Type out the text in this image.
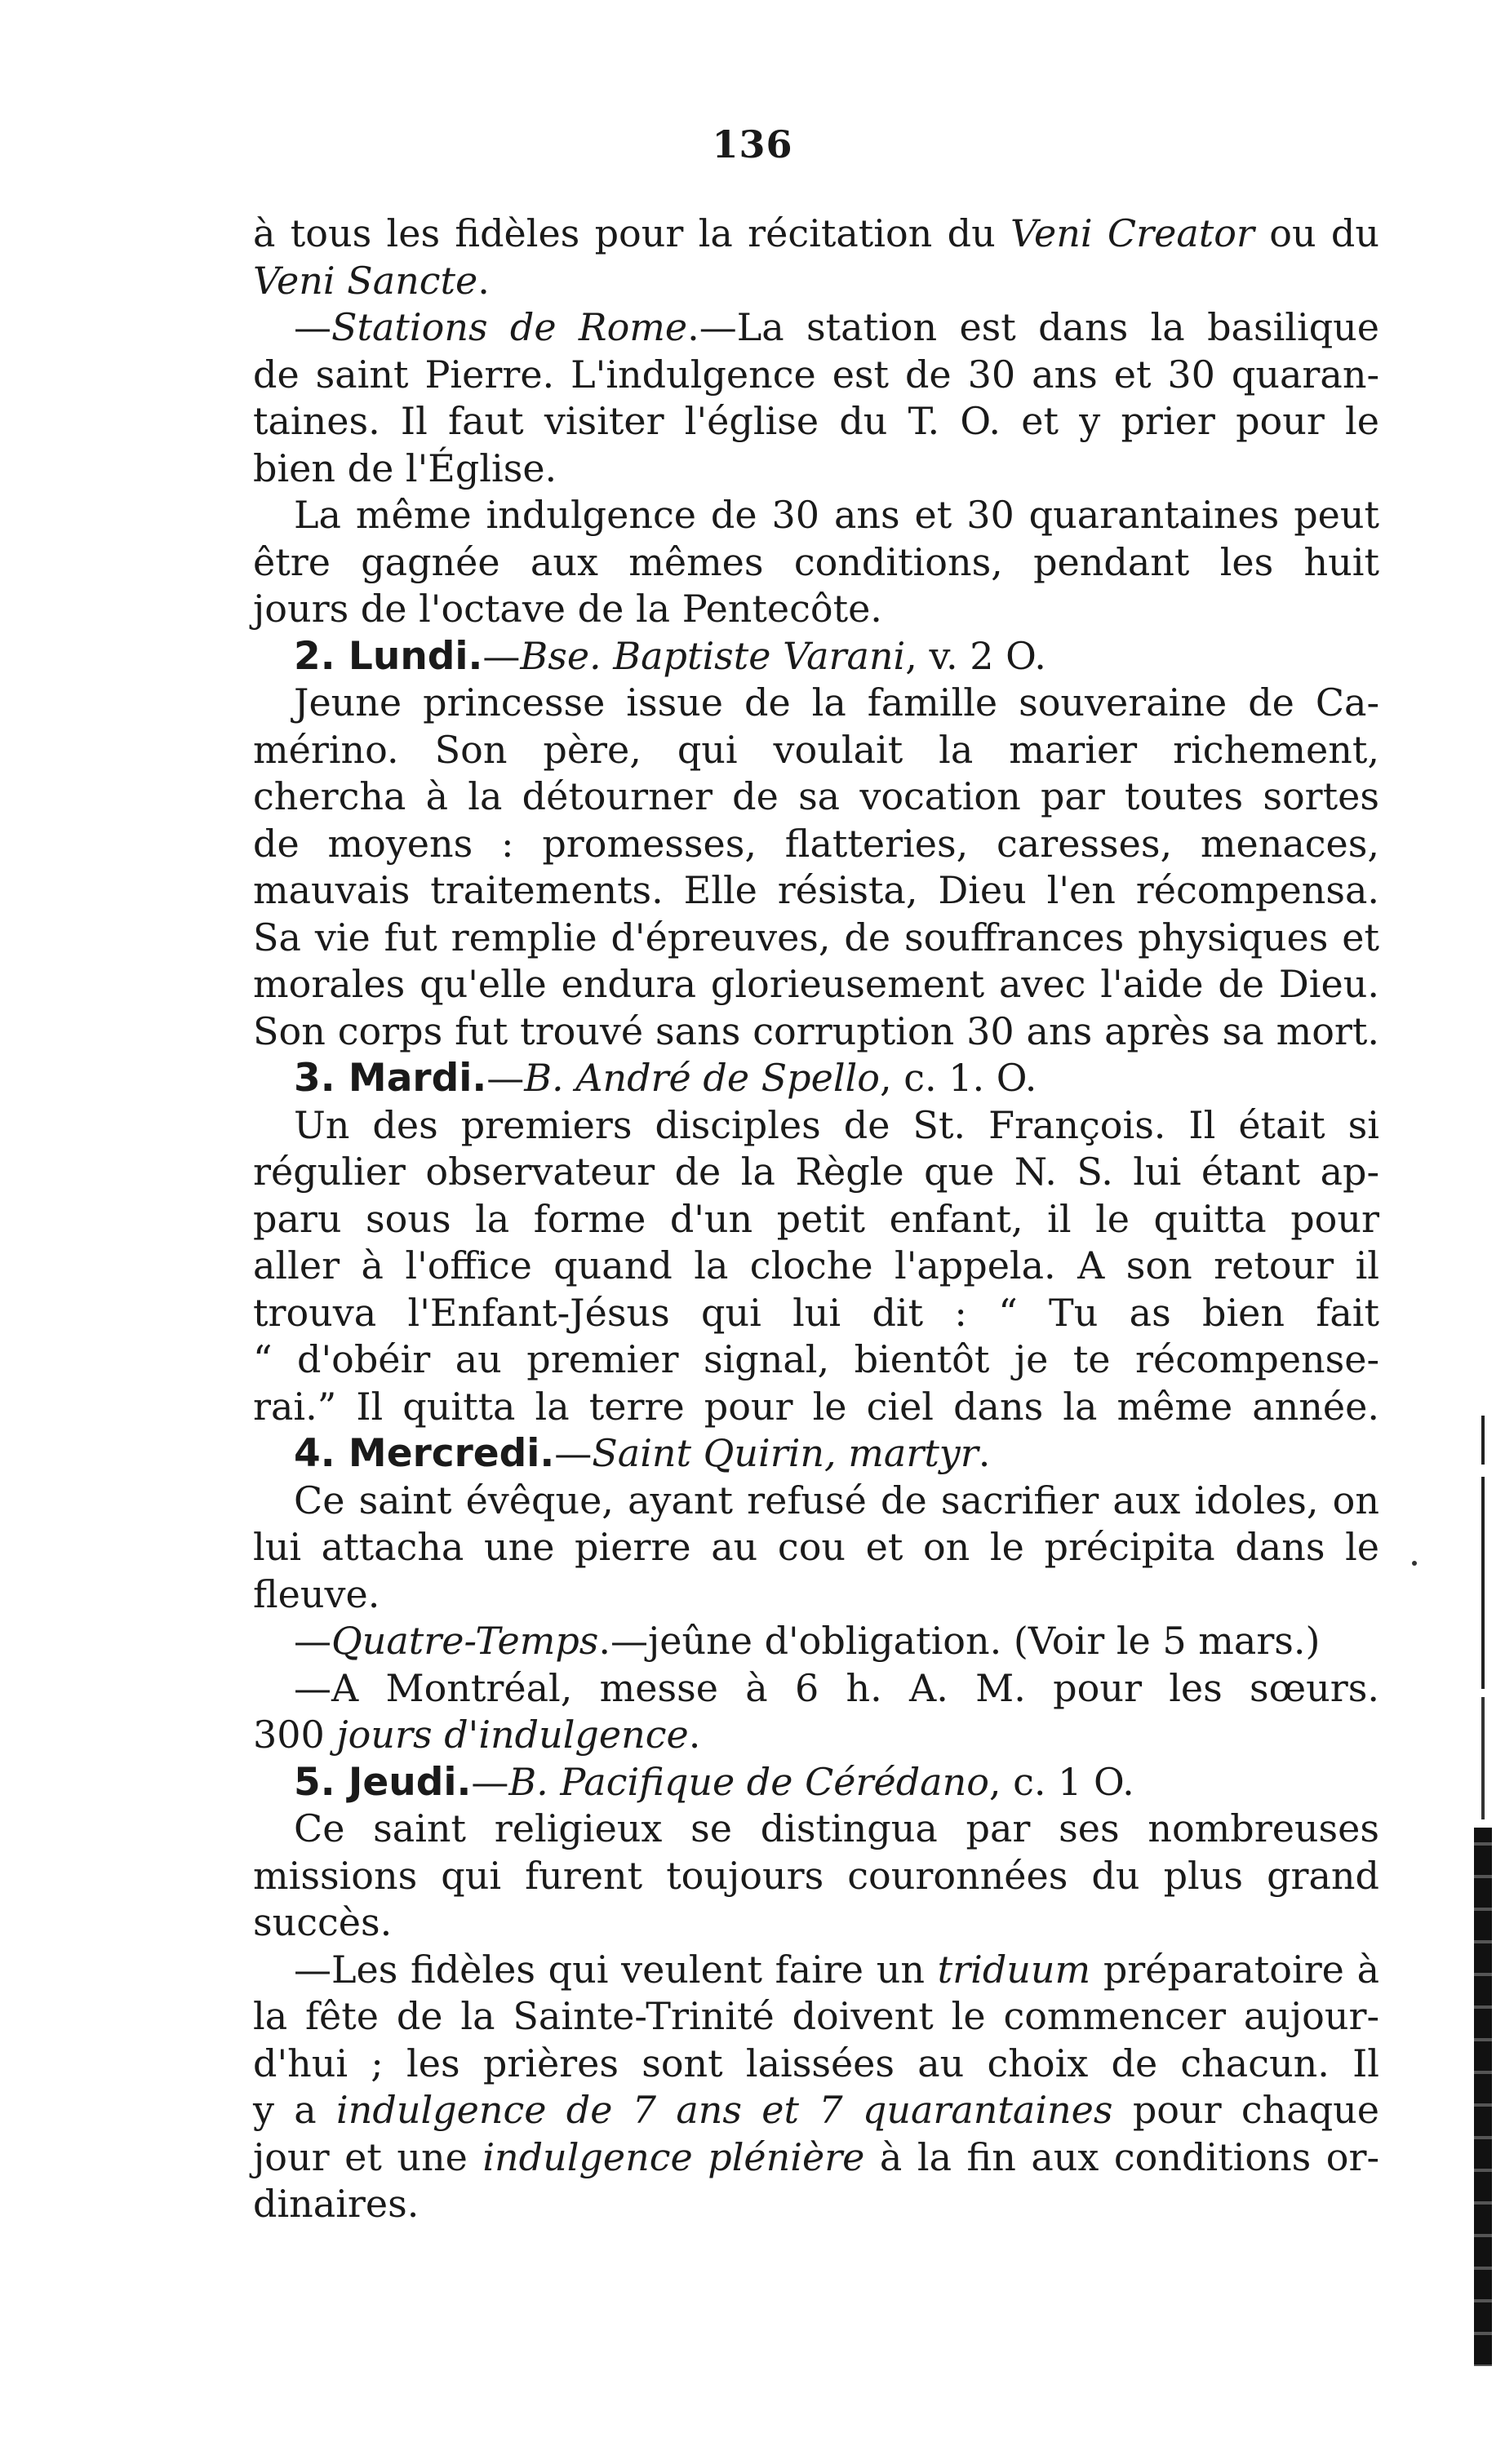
136
à tous les fidèles pour la récitation du Veni Creator ou du
Veni Sancte.
—Stations de Rome.—La station est dans la basilique
de saint Pierre. L'indulgence est de 30 ans et 30 quaran-
taines. Il faut visiter l'église du T. O. et y prier pour le
bien de l'Église.
La même indulgence de 30 ans et 30 quarantaines peut
être gagnée aux mêmes conditions, pendant les huit
jours de l'octave de la Pentecôte.
2. Lundi.—Bse. Baptiste Varani, v. 2 O.
Jeune princesse issue de la famille souveraine de Ca-
mérino. Son père, qui voulait la marier richement,
chercha à la détourner de sa vocation par toutes sortes
de moyens : promesses, flatteries, caresses, menaces,
mauvais traitements. Elle résista, Dieu l'en récompensa.
Sa vie fut remplie d'épreuves, de souffrances physiques et
morales qu'elle endura glorieusement avec l'aide de Dieu.
Son corps fut trouvé sans corruption 30 ans après sa mort.
3. Mardi.—B. André de Spello, c. 1. O.
Un des premiers disciples de St. François. Il était si
régulier observateur de la Règle que N. S. lui étant ap-
paru sous la forme d'un petit enfant, il le quitta pour
aller à l'office quand la cloche l'appela. A son retour il
trouva l'Enfant-Jésus qui lui dit : “ Tu as bien fait
“ d'obéir au premier signal, bientôt je te récompense-
rai.” Il quitta la terre pour le ciel dans la même année.
4. Mercredi.—Saint Quirin, martyr.
Ce saint évêque, ayant refusé de sacrifier aux idoles, on
lui attacha une pierre au cou et on le précipita dans le
fleuve.
—Quatre-Temps.—jeûne d'obligation. (Voir le 5 mars.)
—A Montréal, messe à 6 h. A. M. pour les sœurs.
300 jours d'indulgence.
5. Jeudi.—B. Pacifique de Cérédano, c. 1 O.
Ce saint religieux se distingua par ses nombreuses
missions qui furent toujours couronnées du plus grand
succès.
—Les fidèles qui veulent faire un triduum préparatoire à
la fête de la Sainte-Trinité doivent le commencer aujour-
d'hui ; les prières sont laissées au choix de chacun. Il
y a indulgence de 7 ans et 7 quarantaines pour chaque
jour et une indulgence plénière à la fin aux conditions or-
dinaires.
